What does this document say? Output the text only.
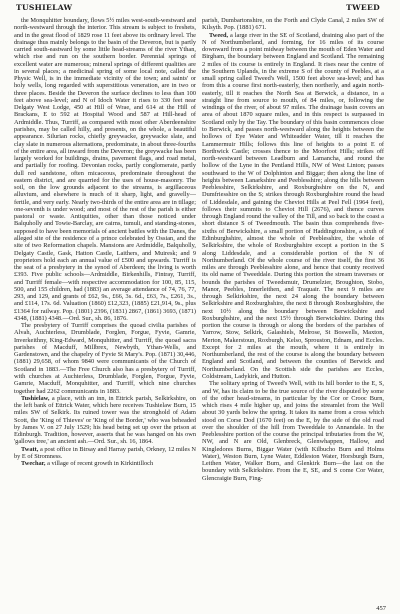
TUSHIELAW	TWEED

the Monquhitter boundary, flows 5½ miles west-south-westward and north-westward through the interior. This stream is subject to freshets, and in the great flood of 1829 rose 11 feet above its ordinary level. The drainage thus mainly belongs to the basin of the Deveron, but is partly carried south-eastward by some little head-streams of the river Ythan, which rise and run on the southern border. Perennial springs of excellent water are numerous; mineral springs of different qualities are in several places; a medicinal spring of some local note, called the Physic Well, is in the immediate vicinity of the town; and saints' or holy wells, long regarded with superstitious veneration, are in two or three places. Beside the Deveron the surface declines to less than 100 feet above sea-level; and N of Idoch Water it rises to 330 feet near Delgaty West Lodge, 450 at Hill of Wrae, and 614 at the Hill of Brackans, E to 592 at Hospital Wood and 587 at Hill-head of Ardmiddle. Thus, Turriff, as compared with most other Aberdeenshire parishes, may be called hilly, and presents, on the whole, a beautiful appearance. Silurian rocks, chiefly greywacke, greywacke slate, and clay slate in numerous alternations, predominate, in about three-fourths of the entire area, all inward from the Deveron; the greywacke has been largely worked for buildings, drains, pavement flags, and road metal, and partially for roofing. Devonian rocks, partly conglomerate, partly dull red sandstone, often micaceous, predominate throughout the eastern district, and are quarried for the uses of house-masonry. The soil, on the low grounds adjacent to the streams, is argillaceous alluvium, and elsewhere is much of it sharp, light, and gravelly—fertile, and very early. Nearly two-thirds of the entire area are in tillage; one-seventh is under wood; and most of the rest of the parish is either pastoral or waste. Antiquities, other than those noticed under Balquholly and Towie-Barclay, are cairns, tumuli, and standing-stones, supposed to have been memorials of ancient battles with the Danes, the alleged site of the residence of a prince celebrated by Ossian, and the site of two Reformation chapels. Mansions are Ardmiddle, Balquholly, Delgaty Castle, Gask, Hatton Castle, Laithers, and Muiresk; and 9 proprietors hold each an annual value of £500 and upwards. Turriff is the seat of a presbytery in the synod of Aberdeen; the living is worth £393. Five public schools—Ardmiddle, Birkenhills, Fintray, Turriff, and Turriff female—with respective accommodation for 100, 85, 115, 500, and 155 children, had (1883) an average attendance of 74, 76, 77, 293, and 129, and grants of £62, 9s., £66, 3s. 6d., £63, 7s., £261, 3s., and £114, 17s. 6d. Valuation (1860) £12,323, (1885) £21,914, 9s., plus £1364 for railway. Pop. (1801) 2396, (1831) 2867, (1861) 3693, (1871) 4348, (1881) 4348.—Ord. Sur., sh. 86, 1876.

The presbytery of Turriff comprises the quoad civilia parishes of Alvah, Auchterless, Drumblade, Forglen, Forgue, Fyvie, Gamrie, Inverkeithny, King-Edward, Monquhitter, and Turriff, the quoad sacra parishes of Macduff, Millbrex, Newbyth, Ythan-Wells, and Gardenstown, and the chapelry of Fyvie St Mary's. Pop. (1871) 30,446, (1881) 29,658, of whom 9840 were communicants of the Church of Scotland in 1883.—The Free Church also has a presbytery of Turriff, with churches at Auchterless, Drumblade, Forglen, Forgue, Fyvie, Gamrie, Macduff, Monquhitter, and Turriff, which nine churches together had 2262 communicants in 1883.

Tushielaw, a place, with an inn, in Ettrick parish, Selkirkshire, on the left bank of Ettrick Water, which here receives Tushielaw Burn, 15 miles SW of Selkirk. Its ruined tower was the stronghold of Adam Scott, the 'King of Thieves' or 'King of the Border,' who was beheaded by James V. on 27 July 1529; his head being set up over the prison at Edinburgh. Tradition, however, asserts that he was hanged on his own 'gallows tree,' an ancient ash.—Ord. Sur., sh. 16, 1864.

Twatt, a post office in Birsay and Harray parish, Orkney, 12 miles N by E of Stromness.

Twechar, a village of recent growth in Kirkintilloch

parish, Dumbartonshire, on the Forth and Clyde Canal, 2 miles SW of Kilsyth. Pop. (1881) 671.

Tweed, a large river in the SE of Scotland, draining also part of the N of Northumberland, and forming, for 16 miles of its course downward from a point midway between the mouth of Eden Water and Birgham, the boundary between England and Scotland. The remaining 2 miles of its course is entirely in England. It rises near the centre of the Southern Uplands, in the extreme S of the county of Peebles, at a small spring called Tweed's Well, 1500 feet above sea-level; and has from this a course first north-easterly, then northerly, and again north-easterly, till it reaches the North Sea at Berwick, a distance, in a straight line from source to mouth, of 84 miles, or, following the windings of the river, of about 97 miles. The drainage basin covers an area of about 1870 square miles, and in this respect is surpassed in Scotland only by the Tay. The boundary of this basin commences close to Berwick, and passes north-westward along the heights between the hollows of Eye Water and Whiteadder Water, till it reaches the Lammermuir Hills; follows this line of heights to a point E of Borthwick Castle; crosses thence to the Moorfoot Hills; strikes off north-westward between Leadburn and Lamancha, and round the hollow of the Lyne in the Pentland Hills, NW of West Linton; passes southward to the W of Dolphinton and Biggar; then along the line of heights between Lanarkshire and Peeblesshire; along the hills between Peeblesshire, Selkirkshire, and Roxburghshire on the N, and Dumfriesshire on the S; strikes through Roxburghshire round the head of Liddesdale, and gaining the Cheviot Hills at Peel Fell (1964 feet), follows their summits to Cheviot Hill (2676), and thence curves through England round the valley of the Till, and so back to the coast a short distance S of Tweedmouth. The basin thus comprehends five-sixths of Berwickshire, a small portion of Haddingtonshire, a sixth of Edinburghshire, almost the whole of Peeblesshire, the whole of Selkirkshire, the whole of Roxburghshire except a portion in the S along Liddesdale, and a considerable portion of the N of Northumberland. Of the whole course of the river itself, the first 36 miles are through Peeblesshire alone, and hence that county received its old name of Tweeddale. During this portion the stream traverses or bounds the parishes of Tweedsmuir, Drumelzier, Broughton, Stobo, Manor, Peebles, Innerleithen, and Traquair. The next 9 miles are through Selkirkshire, the next 24 along the boundary between Selkirkshire and Roxburghshire, the next 8 through Roxburghshire, the next 10½ along the boundary between Berwickshire and Roxburghshire, and the next 15½ through Berwickshire. During this portion the course is through or along the borders of the parishes of Yarrow, Stow, Selkirk, Galashiels, Melrose, St Boswells, Maxton, Merton, Makerstoun, Roxburgh, Kelso, Sprouston, Ednam, and Eccles. Except for 2 miles at the mouth, where it is entirely in Northumberland, the rest of the course is along the boundary between England and Scotland, and between the counties of Berwick and Northumberland. On the Scottish side the parishes are Eccles, Coldstream, Ladykirk, and Hutton.

The solitary spring of Tweed's Well, with its hill border to the E, S, and W, has its claim to be the true source of the river disputed by some of the other head-streams, in particular by the Cor or Crooc Burn, which rises 4 mile higher up, and joins the streamlet from the Well about 30 yards below the spring. It takes its name from a cross which stood on Corse Dod (1670 feet) on the E, by the side of the old road over the shoulder of the hill from Tweeddale to Annandale. In the Peeblesshire portion of the course the principal tributaries from the W, NW, and N are Old, Glenbreck, Glenwhappen, Hallow, and Kingledores Burns, Biggar Water (with Kilbucho Burn and Holms Water), Weston Burn, Lyne Water, Eddleston Water, Horsburgh Burn, Leithen Water, Walker Burn, and Glenkirk Burn—the last on the boundary with Selkirkshire. From the E, SE, and S come Cor Water, Glencraigie Burn, Fing-

457
